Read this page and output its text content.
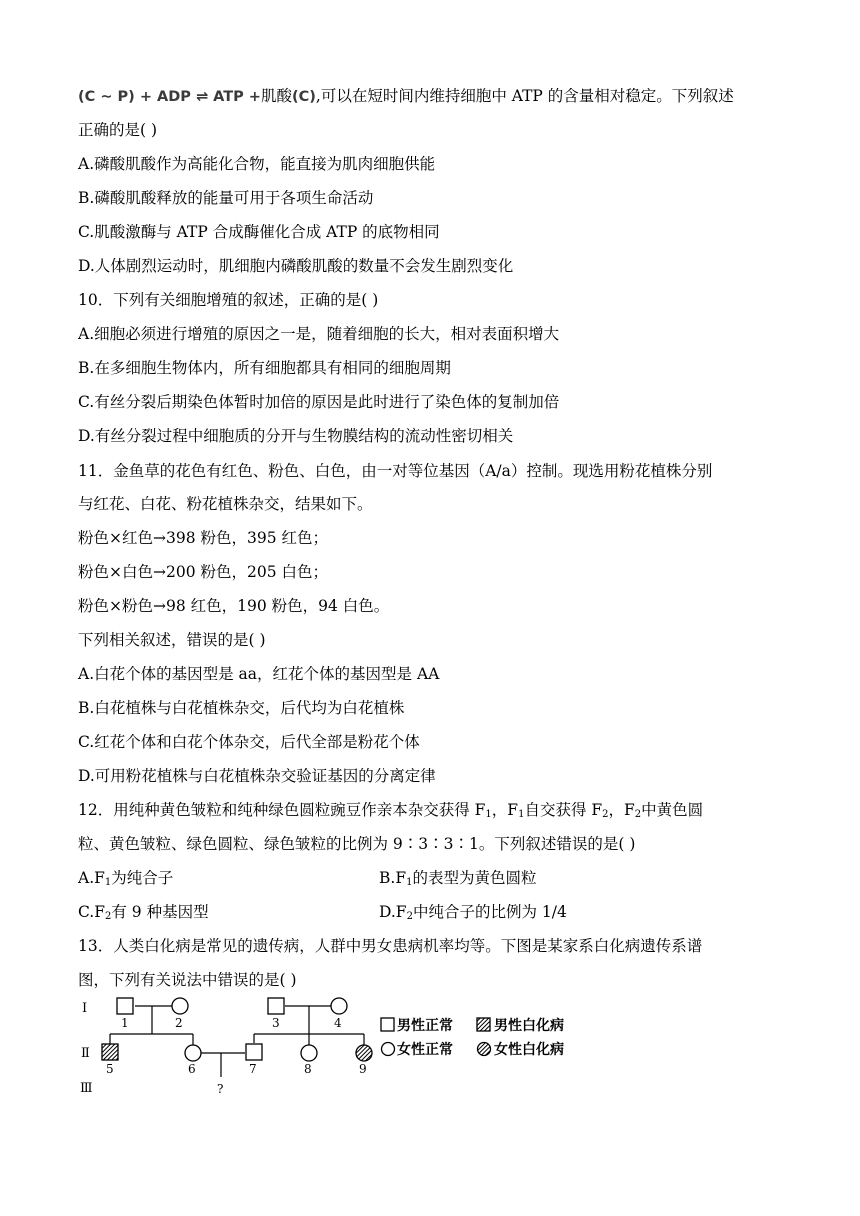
(C ∼ P) + ADP ⇌ ATP +肌酸(C),可以在短时间内维持细胞中 ATP 的含量相对稳定。下列叙述
正确的是( )
A.磷酸肌酸作为高能化合物，能直接为肌肉细胞供能
B.磷酸肌酸释放的能量可用于各项生命活动
C.肌酸激酶与 ATP 合成酶催化合成 ATP 的底物相同
D.人体剧烈运动时，肌细胞内磷酸肌酸的数量不会发生剧烈变化
10．下列有关细胞增殖的叙述，正确的是( )
A.细胞必须进行增殖的原因之一是，随着细胞的长大，相对表面积增大
B.在多细胞生物体内，所有细胞都具有相同的细胞周期
C.有丝分裂后期染色体暂时加倍的原因是此时进行了染色体的复制加倍
D.有丝分裂过程中细胞质的分开与生物膜结构的流动性密切相关
11．金鱼草的花色有红色、粉色、白色，由一对等位基因（A/a）控制。现选用粉花植株分别
与红花、白花、粉花植株杂交，结果如下。
粉色×红色→398 粉色，395 红色；
粉色×白色→200 粉色，205 白色；
粉色×粉色→98 红色，190 粉色，94 白色。
下列相关叙述，错误的是( )
A.白花个体的基因型是 aa，红花个体的基因型是 AA
B.白花植株与白花植株杂交，后代均为白花植株
C.红花个体和白花个体杂交，后代全部是粉花个体
D.可用粉花植株与白花植株杂交验证基因的分离定律
12．用纯种黄色皱粒和纯种绿色圆粒豌豆作亲本杂交获得 $F_1$，$F_1$自交获得 $F_2$，$F_2$中黄色圆
粒、黄色皱粒、绿色圆粒、绿色皱粒的比例为 9∶3∶3∶1。下列叙述错误的是( )
$A.F_1$为纯合子	$B.F_1$的表型为黄色圆粒
$C.F_2$有 9 种基因型	$D.F_2$中纯合子的比例为 1/4
13．人类白化病是常见的遗传病，人群中男女患病机率均等。下图是某家系白化病遗传系谱
图，下列有关说法中错误的是( )
Ⅰ
Ⅱ
Ⅲ
1	2	3	4
5	6	7	8	9
?
男性正常	男性白化病
女性正常	女性白化病
